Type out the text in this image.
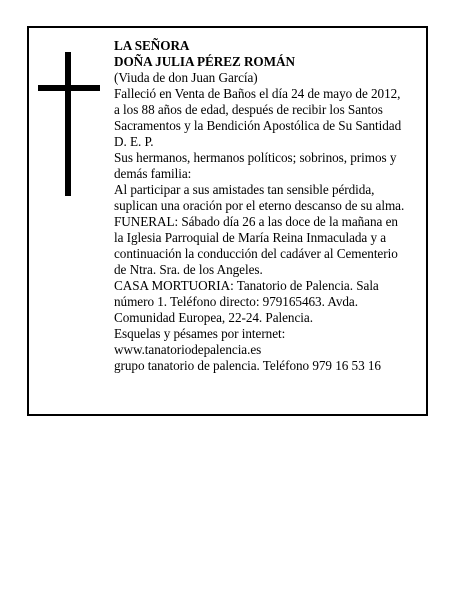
LA SEÑORA
DOÑA JULIA PÉREZ ROMÁN
(Viuda de don Juan García)
Falleció en Venta de Baños el día 24 de mayo de 2012,
a los 88 años de edad, después de recibir los Santos
Sacramentos y la Bendición Apostólica de Su Santidad
D. E. P.
Sus hermanos, hermanos políticos; sobrinos, primos y
demás familia:
Al participar a sus amistades tan sensible pérdida,
suplican una oración por el eterno descanso de su alma.
FUNERAL: Sábado día 26 a las doce de la mañana en
la Iglesia Parroquial de María Reina Inmaculada y a
continuación la conducción del cadáver al Cementerio
de Ntra. Sra. de los Angeles.
CASA MORTUORIA: Tanatorio de Palencia. Sala
número 1. Teléfono directo: 979165463. Avda.
Comunidad Europea, 22-24. Palencia.
Esquelas y pésames por internet:
www.tanatoriodepalencia.es
grupo tanatorio de palencia. Teléfono 979 16 53 16
